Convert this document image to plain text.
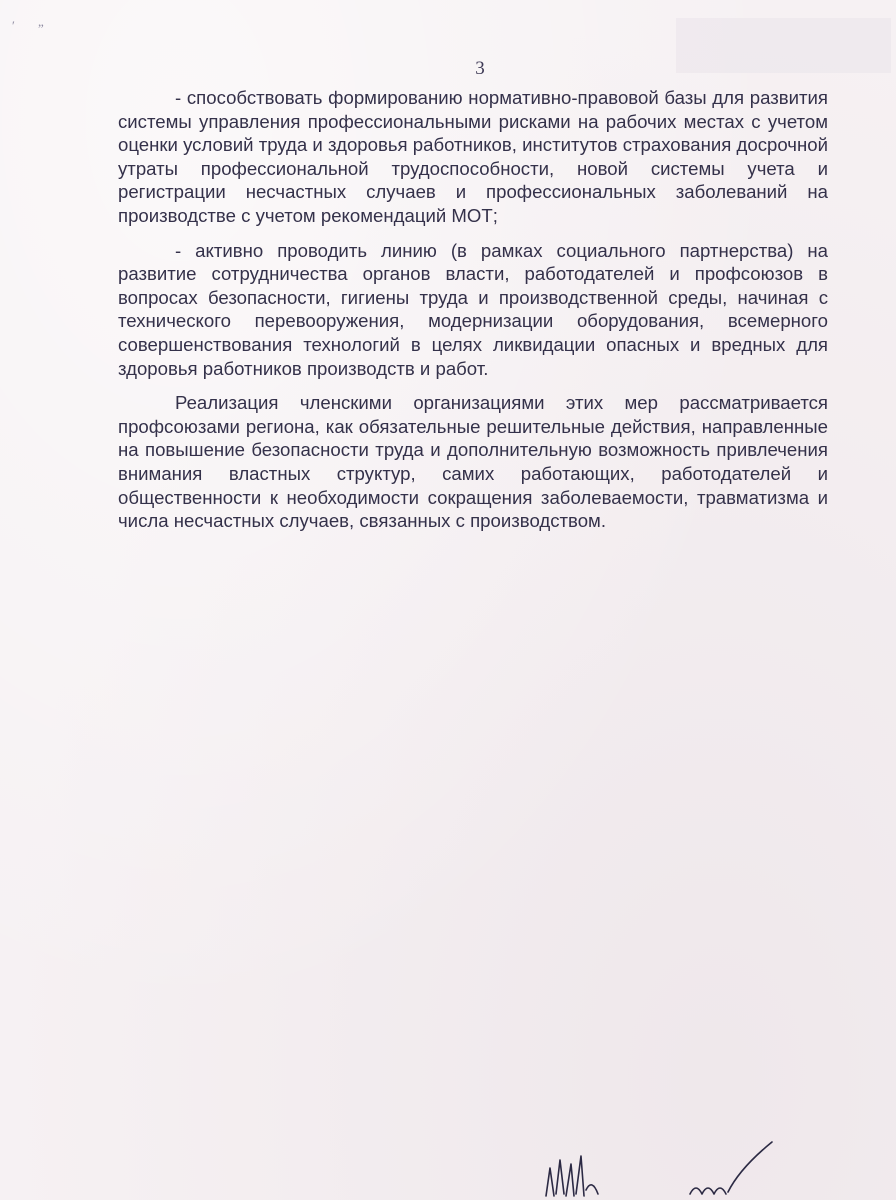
′ „
3

- способствовать формированию нормативно-правовой базы для развития системы управления профессиональными рисками на рабочих местах с учетом оценки условий труда и здоровья работников, институтов страхования досрочной утраты профессиональной трудоспособности, новой системы учета и регистрации несчастных случаев и профессиональных заболеваний на производстве с учетом рекомендаций МОТ;

- активно проводить линию (в рамках социального партнерства) на развитие сотрудничества органов власти, работодателей и профсоюзов в вопросах безопасности, гигиены труда и производственной среды, начиная с технического перевооружения, модернизации оборудования, всемерного совершенствования технологий в целях ликвидации опасных и вредных для здоровья работников производств и работ.

Реализация членскими организациями этих мер рассматривается профсоюзами региона, как обязательные решительные действия, направленные на повышение безопасности труда и дополнительную возможность привлечения внимания властных структур, самих работающих, работодателей и общественности к необходимости сокращения заболеваемости, травматизма и числа несчастных случаев, связанных с производством.
